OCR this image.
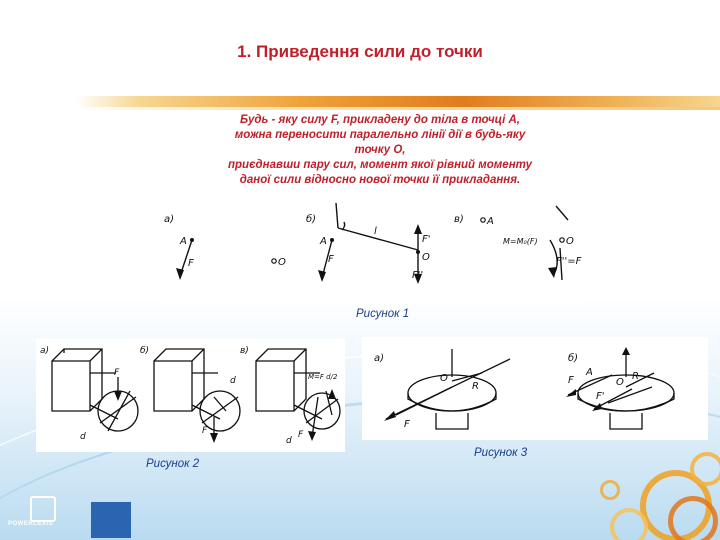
1. Приведення сили до точки
Будь - яку силу F, прикладену до тіла в точці А,
можна переносити паралельно лінії дії в будь-яку
точку О,
приєднавши пару сил, момент якої рівний моменту
даної сили відносно нової точки її прикладання.
а)
A
F	O
б)
A
F
l
F'
O
F''
в) A
M=M₀(F)	O
F''=F
Рисунок 1
а)
F
d
б)
d
F
в)
M=F d/2
F
d
Рисунок 2
а)
O
R
F
б)
F
A
O
R
F'
Рисунок 3
POWERLEXIS
